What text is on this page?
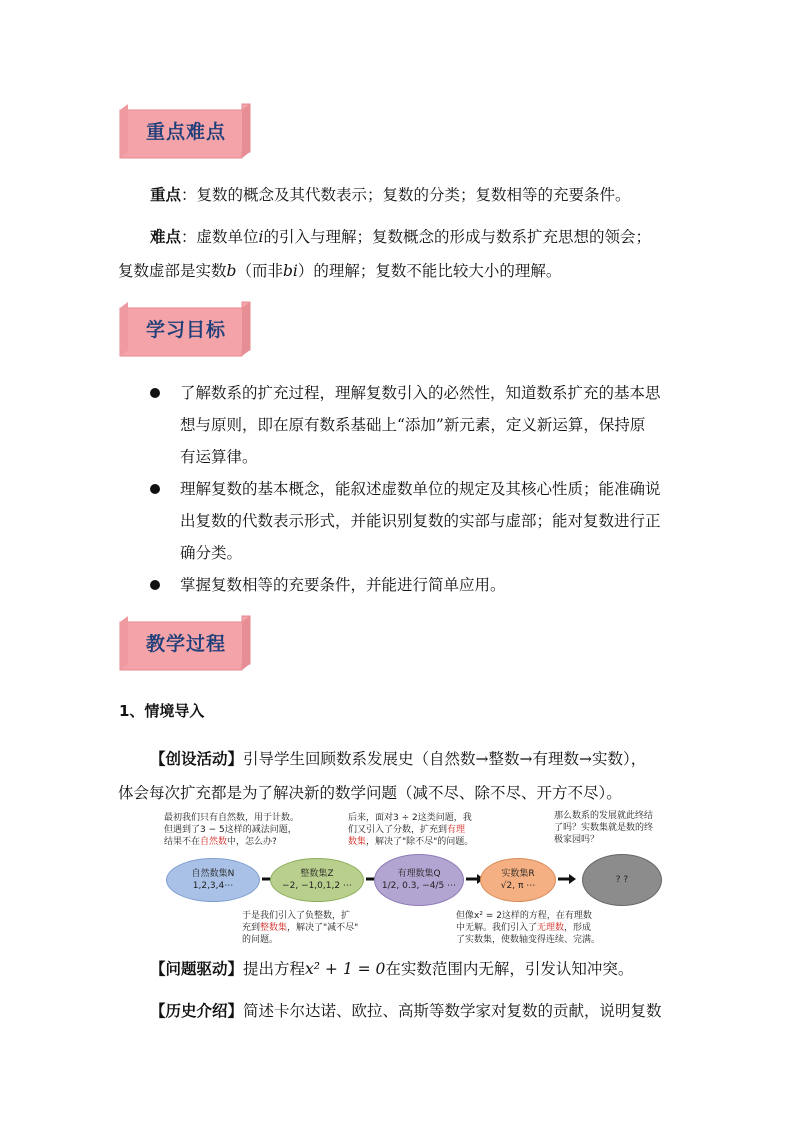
重点难点
重点：复数的概念及其代数表示；复数的分类；复数相等的充要条件。
难点：虚数单位i的引入与理解；复数概念的形成与数系扩充思想的领会；
复数虚部是实数b（而非bi）的理解；复数不能比较大小的理解。
学习目标
了解数系的扩充过程，理解复数引入的必然性，知道数系扩充的基本思
想与原则，即在原有数系基础上“添加”新元素，定义新运算，保持原
有运算律。
理解复数的基本概念，能叙述虚数单位的规定及其核心性质；能准确说
出复数的代数表示形式，并能识别复数的实部与虚部；能对复数进行正
确分类。
掌握复数相等的充要条件，并能进行简单应用。
教学过程
1、情境导入
【创设活动】引导学生回顾数系发展史（自然数→整数→有理数→实数），
体会每次扩充都是为了解决新的数学问题（减不尽、除不尽、开方不尽）。
最初我们只有自然数，用于计数。
但遇到了3 − 5这样的减法问题，
结果不在自然数中，怎么办?
后来，面对3 ÷ 2这类问题，我
们又引入了分数，扩充到有理
数集，解决了"除不尽"的问题。
那么数系的发展就此终结
了吗？实数集就是数的终
极家园吗？
自然数集N
1,2,3,4⋯
整数集Z
−2, −1,0,1,2 ⋯
有理数集Q
1/2, 0.3, −4/5 ⋯
实数集R
√2, π ⋯
? ?
于是我们引入了负整数，扩
充到整数集，解决了"减不尽"
的问题。
但像x² = 2这样的方程，在有理数
中无解。我们引入了无理数，形成
了实数集，使数轴变得连续、完满。
【问题驱动】提出方程x² + 1 = 0在实数范围内无解，引发认知冲突。
【历史介绍】简述卡尔达诺、欧拉、高斯等数学家对复数的贡献，说明复数
